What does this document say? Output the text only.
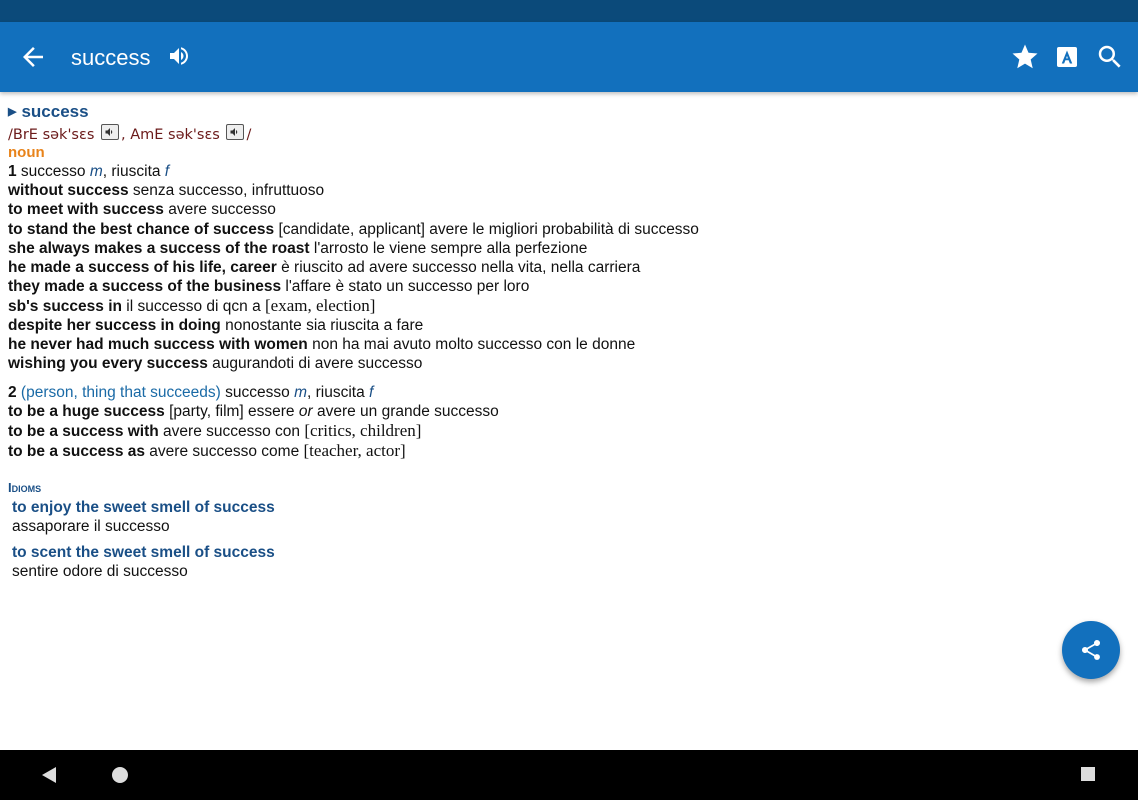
success
▶ success
/BrE sək'sɛs , AmE sək'sɛs /
noun
1 successo m, riuscita f
without success senza successo, infruttuoso
to meet with success avere successo
to stand the best chance of success [candidate, applicant] avere le migliori probabilità di successo
she always makes a success of the roast l'arrosto le viene sempre alla perfezione
he made a success of his life, career è riuscito ad avere successo nella vita, nella carriera
they made a success of the business l'affare è stato un successo per loro
sb's success in il successo di qcn a [exam, election]
despite her success in doing nonostante sia riuscita a fare
he never had much success with women non ha mai avuto molto successo con le donne
wishing you every success augurandoti di avere successo
2 (person, thing that succeeds) successo m, riuscita f
to be a huge success [party, film] essere or avere un grande successo
to be a success with avere successo con [critics, children]
to be a success as avere successo come [teacher, actor]
Idioms
to enjoy the sweet smell of success
assaporare il successo
to scent the sweet smell of success
sentire odore di successo
